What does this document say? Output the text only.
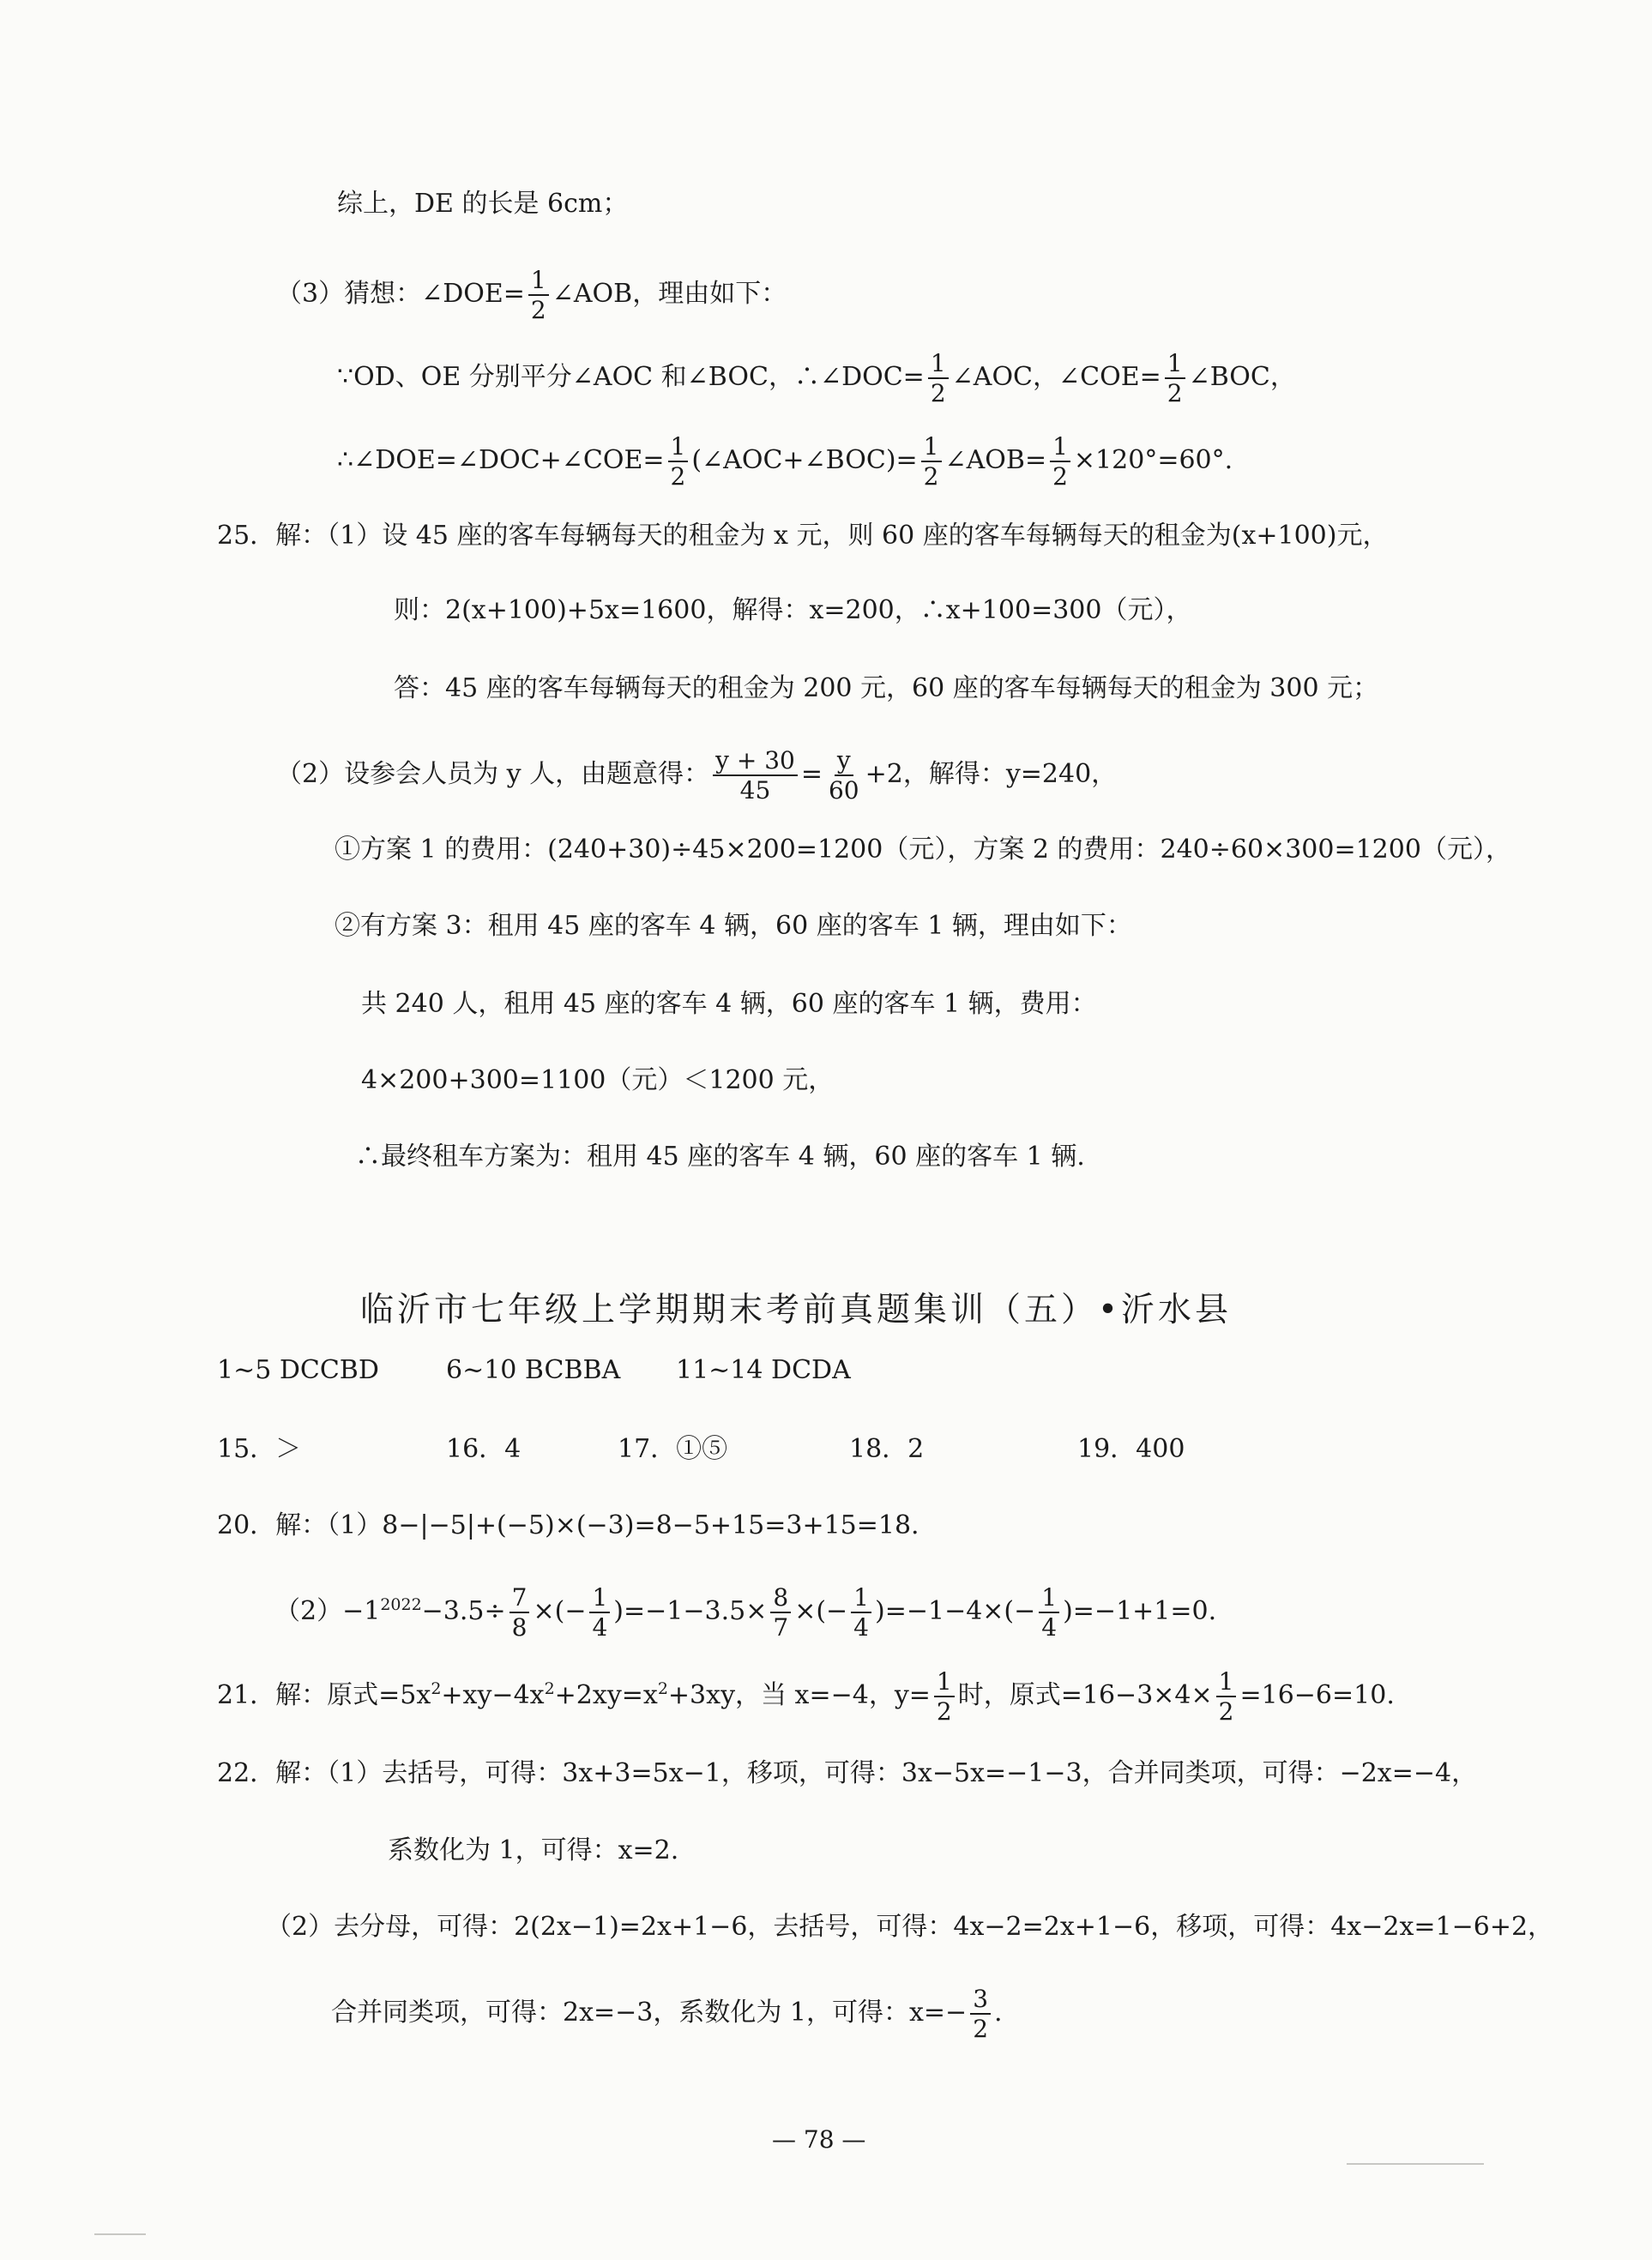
综上，DE 的长是 6cm；
（3）猜想：∠DOE= $\frac{1}{2}$ ∠AOB，理由如下：
∵OD、OE 分别平分∠AOC 和∠BOC，∴∠DOC= $\frac{1}{2}$ ∠AOC，∠COE= $\frac{1}{2}$ ∠BOC，
∴∠DOE=∠DOC+∠COE= $\frac{1}{2}$ (∠AOC+∠BOC)= $\frac{1}{2}$ ∠AOB= $\frac{1}{2} \times 120^\circ=60^\circ$.
25．解：（1）设 45 座的客车每辆每天的租金为 x 元，则 60 座的客车每辆每天的租金为(x+100)元，
则：2(x+100)+5x=1600，解得：x=200，∴x+100=300（元），
答：45 座的客车每辆每天的租金为 200 元，60 座的客车每辆每天的租金为 300 元；
（2）设参会人员为 y 人，由题意得： $\frac{y + 30}{45} = \frac{y}{60} +2$，解得：y=240，
①方案 1 的费用：(240+30)÷45×200=1200（元），方案 2 的费用：240÷60×300=1200（元），
②有方案 3：租用 45 座的客车 4 辆，60 座的客车 1 辆，理由如下：
共 240 人，租用 45 座的客车 4 辆，60 座的客车 1 辆，费用：
4×200+300=1100（元）＜1200 元，
∴最终租车方案为：租用 45 座的客车 4 辆，60 座的客车 1 辆.
临沂市七年级上学期期末考前真题集训（五）•沂水县
1~5 DCCBD	6~10 BCBBA 11~14 DCDA
15．＞	16．4	17．①⑤	18．2	19．400
20．解：（1）8−|−5|+(−5)×(−3)=8−5+15=3+15=18.
$(2)-1^{2022}-3.5\div \frac{7}{8}$ ×(− $\frac{1}{4} )=-1-3.5\times \frac{8}{7}$ ×(− $\frac{1}{4} )=-1-4\times(- \frac{1}{4} )=-1+1=0$.
21．解：原式$=5x^2+xy-4x^2+2xy=x^2+3xy$，当 x=−4，$y= \frac{1}{2}$ 时，原式$=16-3\times 4\times \frac{1}{2} =16-6=10$.
22．解：（1）去括号，可得：3x+3=5x−1，移项，可得：3x−5x=−1−3，合并同类项，可得：−2x=−4，
系数化为 1，可得：x=2.
（2）去分母，可得：2(2x−1)=2x+1−6，去括号，可得：4x−2=2x+1−6，移项，可得：4x−2x=1−6+2，
合并同类项，可得：2x=−3，系数化为 1，可得：$x=- \frac{3}{2}$ .
— 78 —
